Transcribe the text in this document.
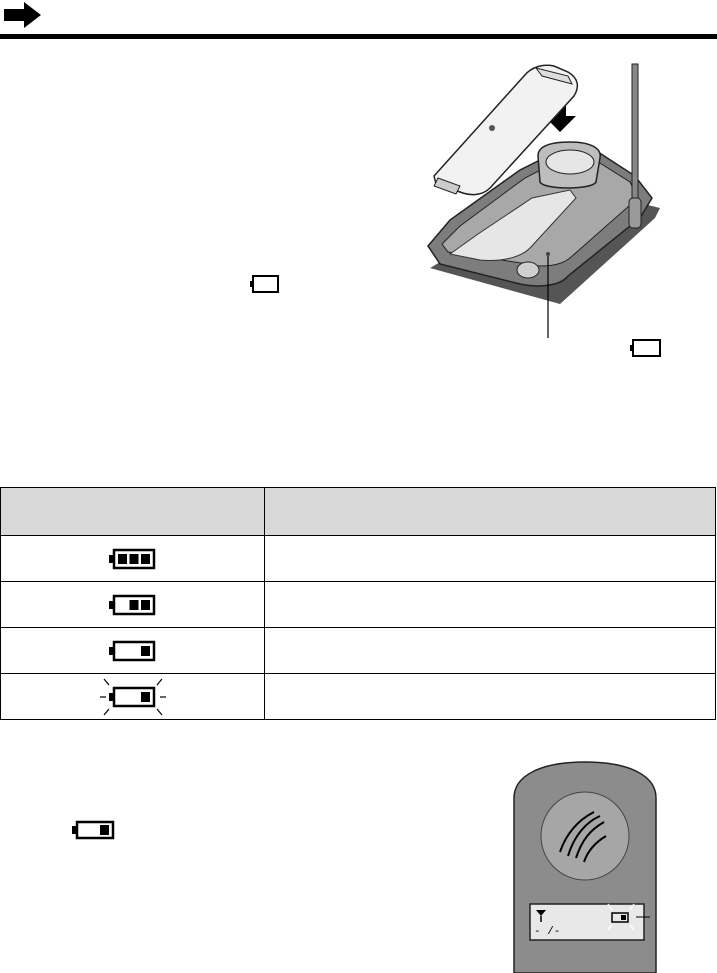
- /-
